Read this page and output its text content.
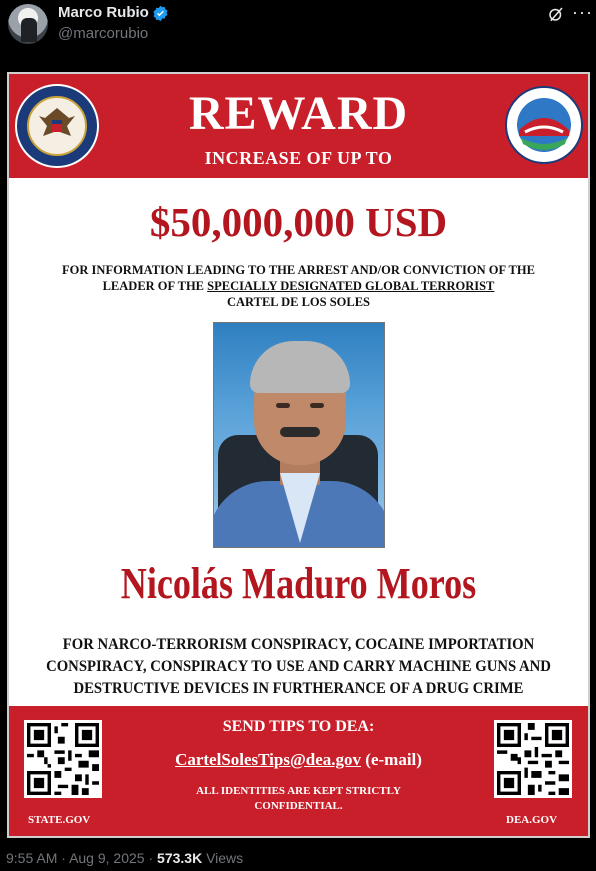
Marco Rubio
@marcorubio
···
REWARD
INCREASE OF UP TO
$50,000,000 USD
FOR INFORMATION LEADING TO THE ARREST AND/OR CONVICTION OF THE
LEADER OF THE SPECIALLY DESIGNATED GLOBAL TERRORIST
CARTEL DE LOS SOLES
Nicolás Maduro Moros
FOR NARCO-TERRORISM CONSPIRACY, COCAINE IMPORTATION
CONSPIRACY, CONSPIRACY TO USE AND CARRY MACHINE GUNS AND
DESTRUCTIVE DEVICES IN FURTHERANCE OF A DRUG CRIME
STATE.GOV
SEND TIPS TO DEA:
CartelSolesTips@dea.gov (e-mail)
ALL IDENTITIES ARE KEPT STRICTLY
CONFIDENTIAL.
DEA.GOV
9:55 AM · Aug 9, 2025 · 573.3K Views
